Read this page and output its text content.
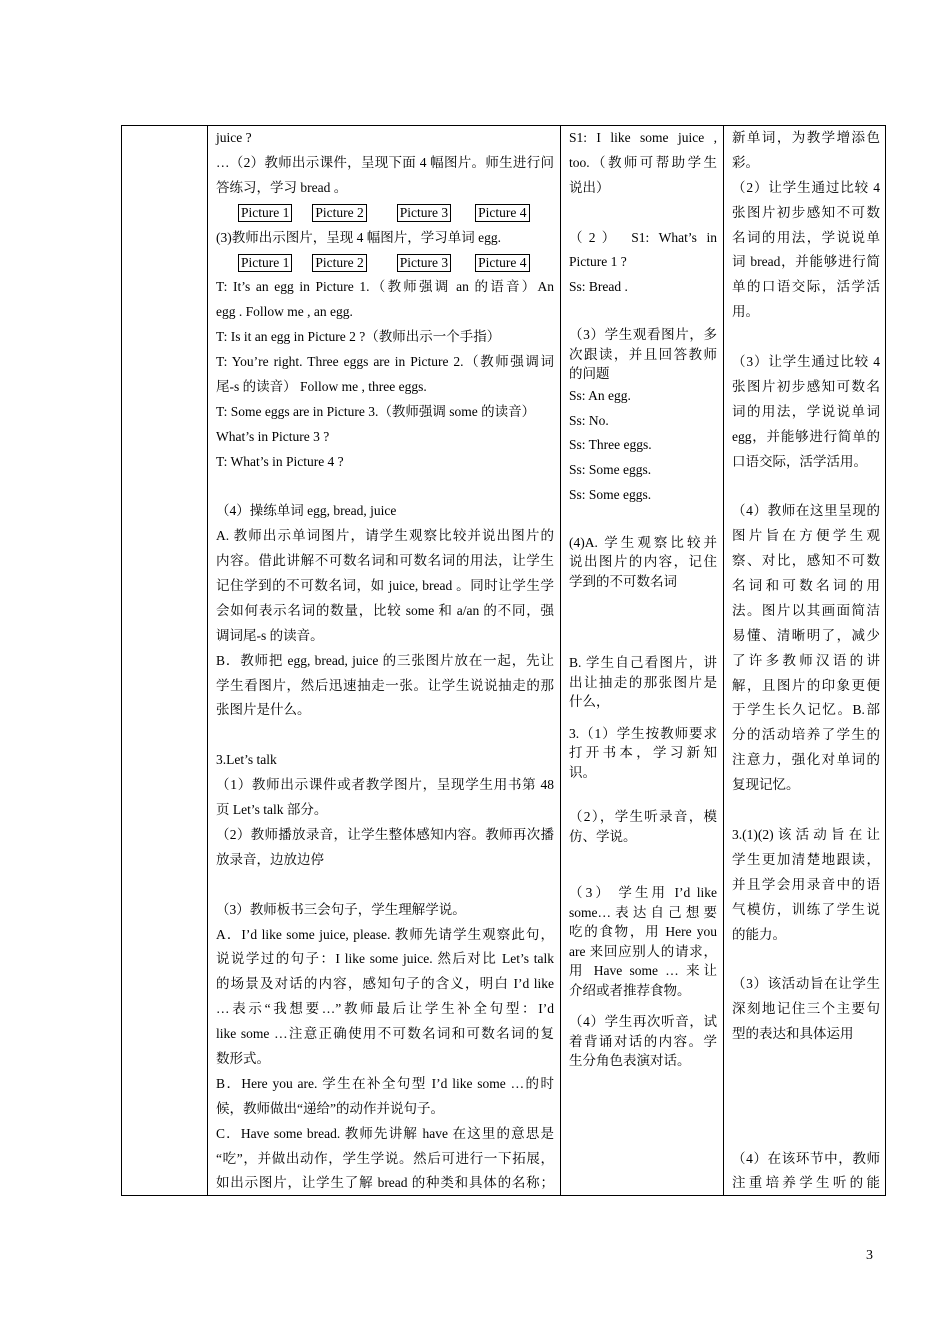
juice ?
…（2）教师出示课件，呈现下面 4 幅图片。师生进行问
答练习，学习 bread 。
Picture 1 Picture 2	Picture 3 Picture 4
(3)教师出示图片，呈现 4 幅图片，学习单词 egg.
Picture 1 Picture 2	Picture 3 Picture 4
T: It’s an egg in Picture 1.（教师强调 an 的语音）An
egg . Follow me , an egg.
T: Is it an egg in Picture 2 ?（教师出示一个手指）
T: You’re right. Three eggs are in Picture 2.（教师强调词
尾-s 的读音） Follow me , three eggs.
T: Some eggs are in Picture 3.（教师强调 some 的读音）
What’s in Picture 3 ?
T: What’s in Picture 4 ?
（4）操练单词 egg, bread, juice
A. 教师出示单词图片，请学生观察比较并说出图片的
内容。借此讲解不可数名词和可数名词的用法，让学生
记住学到的不可数名词，如 juice, bread 。同时让学生学
会如何表示名词的数量，比较 some 和 a/an 的不同，强
调词尾-s 的读音。
B．教师把 egg, bread, juice 的三张图片放在一起，先让
学生看图片，然后迅速抽走一张。让学生说说抽走的那
张图片是什么。
3.Let’s talk
（1）教师出示课件或者教学图片，呈现学生用书第 48
页 Let’s talk 部分。
（2）教师播放录音，让学生整体感知内容。教师再次播
放录音，边放边停
（3）教师板书三会句子，学生理解学说。
A．I’d like some juice, please. 教师先请学生观察此句，
说说学过的句子：I like some juice. 然后对比 Let’s talk
的场景及对话的内容，感知句子的含义，明白 I’d like
…表示“我想要…”教师最后让学生补全句型：I’d
like some …注意正确使用不可数名词和可数名词的复
数形式。
B．Here you are. 学生在补全句型 I’d like some …的时
候，教师做出“递给”的动作并说句子。
C．Have some bread. 教师先讲解 have 在这里的意思是
“吃”，并做出动作，学生学说。然后可进行一下拓展，
如出示图片，让学生了解 bread 的种类和具体的名称；
S1: I like some juice ,
too.（教师可帮助学生
说出）
（2） S1: What’s in
Picture 1 ?
Ss: Bread .
（3）学生观看图片，多
次跟读，并且回答教师
的问题
Ss: An egg.
Ss: No.
Ss: Three eggs.
Ss: Some eggs.
Ss: Some eggs.
(4)A. 学生观察比较并
说出图片的内容，记住
学到的不可数名词
B. 学生自己看图片，讲
出让抽走的那张图片是
什么，
3.（1）学生按教师要求
打开书本，学习新知
识。
（2），学生听录音，模
仿、学说。
（3） 学生用 I’d like
some…表达自己想要
吃的食物，用 Here you
are 来回应别人的请求，
用 Have some … 来让
介绍或者推荐食物。
（4）学生再次听音，试
着背诵对话的内容。学
生分角色表演对话。
新单词，为教学增添色
彩。
（2）让学生通过比较 4
张图片初步感知不可数
名词的用法，学说说单
词 bread，并能够进行简
单的口语交际，活学活
用。
（3）让学生通过比较 4
张图片初步感知可数名
词的用法，学说说单词
egg，并能够进行简单的
口语交际，活学活用。
（4）教师在这里呈现的
图片旨在方便学生观
察、对比，感知不可数
名词和可数名词的用
法。图片以其画面简洁
易懂、清晰明了，减少
了许多教师汉语的讲
解，且图片的印象更便
于学生长久记忆。B.部
分的活动培养了学生的
注意力，强化对单词的
复现记忆。
3.(1)(2)该活动旨在让
学生更加清楚地跟读，
并且学会用录音中的语
气模仿，训练了学生说
的能力。
（3）该活动旨在让学生
深刻地记住三个主要句
型的表达和具体运用
（4）在该环节中，教师
注重培养学生听的能
3
